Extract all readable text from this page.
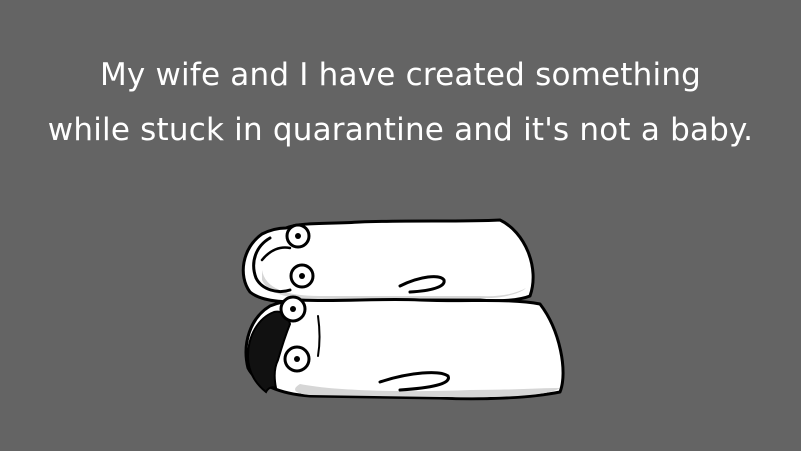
My wife and I have created something
while stuck in quarantine and it's not a baby.
